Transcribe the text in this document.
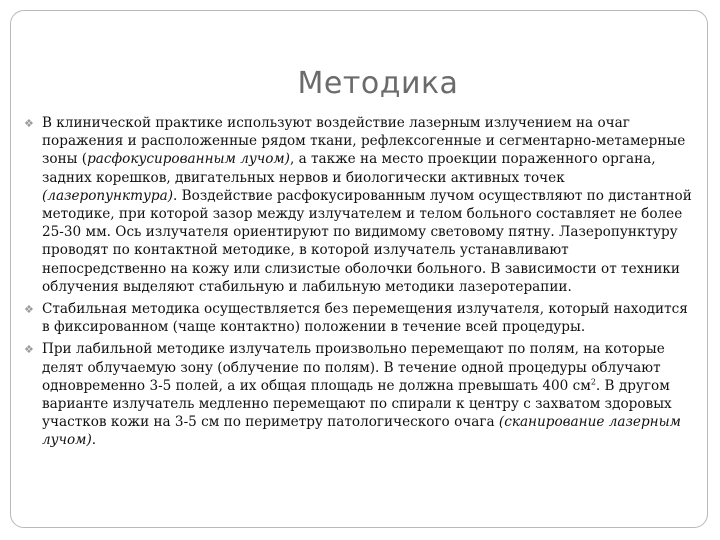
Методика

❖ В клинической практике используют воздействие лазерным излучением на очаг поражения и расположенные рядом ткани, рефлексогенные и сегментарно-метамерные зоны (расфокусированным лучом), а также на место проекции пораженного органа, задних корешков, двигательных нервов и биологически активных точек (лазеропунктура). Воздействие расфокусированным лучом осуществляют по дистантной методике, при которой зазор между излучателем и телом больного составляет не более 25-30 мм. Ось излучателя ориентируют по видимому световому пятну. Лазеропунктуру проводят по контактной методике, в которой излучатель устанавливают непосредственно на кожу или слизистые оболочки больного. В зависимости от техники облучения выделяют стабильную и лабильную методики лазеротерапии.

❖ Стабильная методика осуществляется без перемещения излучателя, который находится в фиксированном (чаще контактно) положении в течение всей процедуры.

❖ При лабильной методике излучатель произвольно перемещают по полям, на которые делят облучаемую зону (облучение по полям). В течение одной процедуры облучают одновременно 3-5 полей, а их общая площадь не должна превышать 400 $см^2$. В другом варианте излучатель медленно перемещают по спирали к центру с захватом здоровых участков кожи на 3-5 см по периметру патологического очага (сканирование лазерным лучом).
